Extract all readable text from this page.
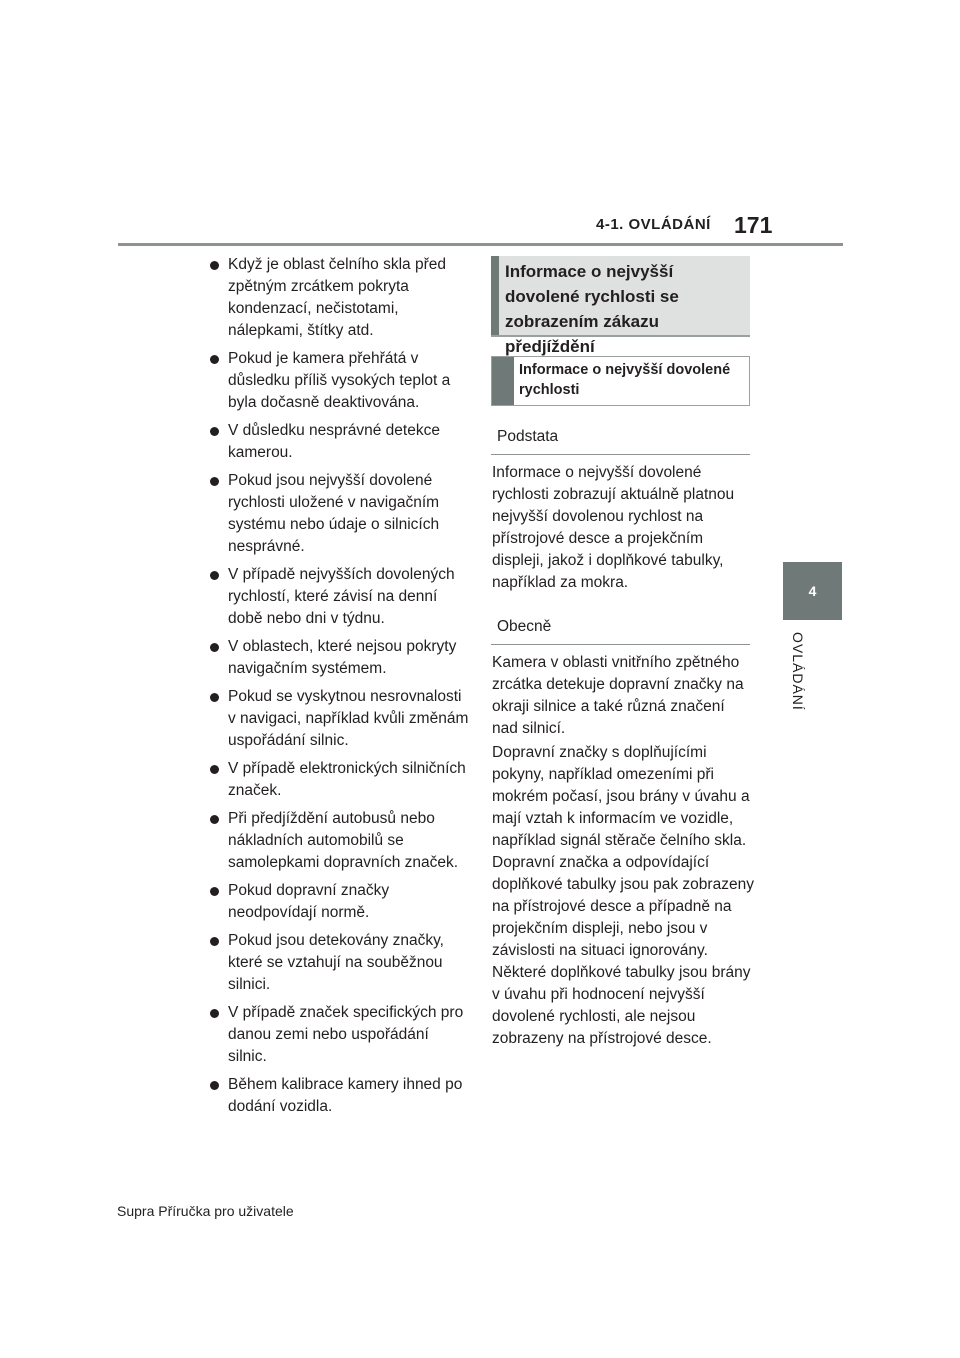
4-1. OVLÁDÁNÍ 171
4
OVLÁDÁNÍ
Když je oblast čelního skla před zpětným zrcátkem pokryta kondenzací, nečistotami, nálepkami, štítky atd.
Pokud je kamera přehřátá v důsledku příliš vysokých teplot a byla dočasně deaktivována.
V důsledku nesprávné detekce kamerou.
Pokud jsou nejvyšší dovolené rychlosti uložené v navigačním systému nebo údaje o silnicích nesprávné.
V případě nejvyšších dovolených rychlostí, které závisí na denní době nebo dni v týdnu.
V oblastech, které nejsou pokryty navigačním systémem.
Pokud se vyskytnou nesrovnalosti v navigaci, například kvůli změnám uspořádání silnic.
V případě elektronických silničních značek.
Při předjíždění autobusů nebo nákladních automobilů se samolepkami dopravních značek.
Pokud dopravní značky neodpovídají normě.
Pokud jsou detekovány značky, které se vztahují na souběžnou silnici.
V případě značek specifických pro danou zemi nebo uspořádání silnic.
Během kalibrace kamery ihned po dodání vozidla.
Informace o nejvyšší dovolené rychlosti se zobrazením zákazu předjíždění
Informace o nejvyšší dovolené rychlosti
Podstata

Informace o nejvyšší dovolené rychlosti zobrazují aktuálně platnou nejvyšší dovolenou rychlost na přístrojové desce a projekčním displeji, jakož i doplňkové tabulky, například za mokra.

Obecně

Kamera v oblasti vnitřního zpětného zrcátka detekuje dopravní značky na okraji silnice a také různá značení nad silnicí.

Dopravní značky s doplňujícími pokyny, například omezeními při mokrém počasí, jsou brány v úvahu a mají vztah k informacím ve vozidle, například signál stěrače čelního skla. Dopravní značka a odpovídající doplňkové tabulky jsou pak zobrazeny na přístrojové desce a případně na projekčním displeji, nebo jsou v závislosti na situaci ignorovány. Některé doplňkové tabulky jsou brány v úvahu při hodnocení nejvyšší dovolené rychlosti, ale nejsou zobrazeny na přístrojové desce.

Supra Příručka pro uživatele
